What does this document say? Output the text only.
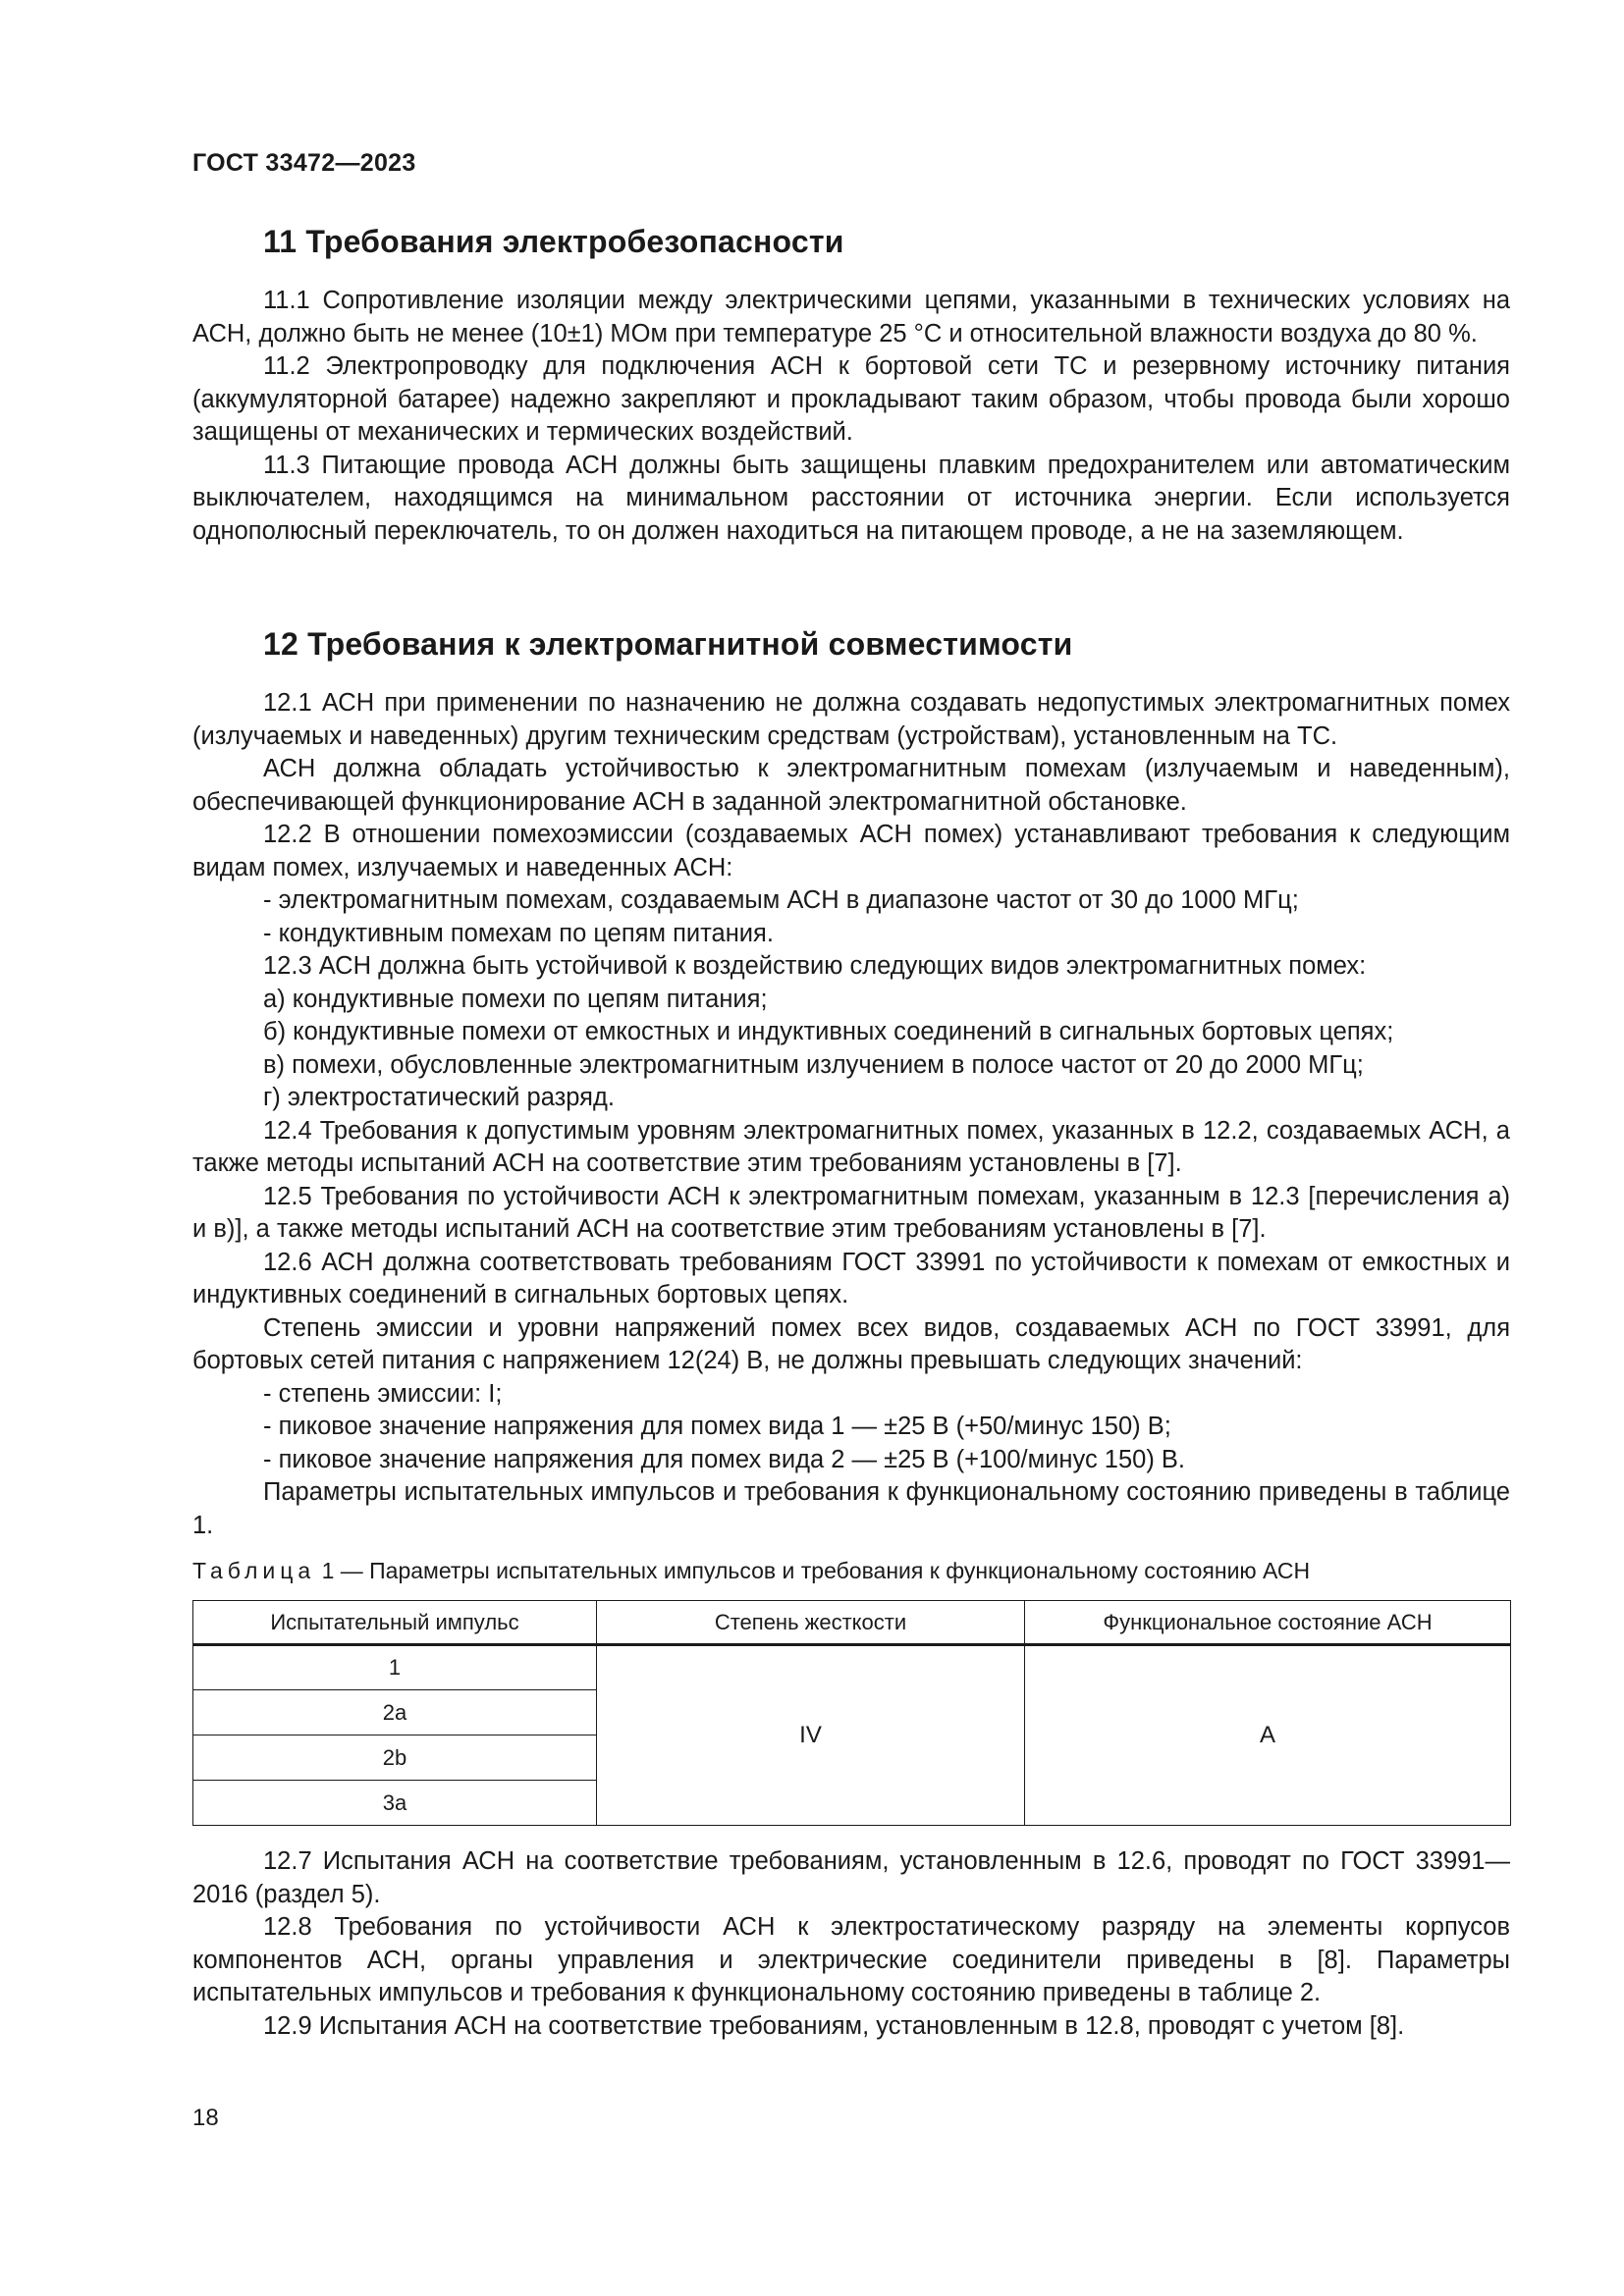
ГОСТ 33472—2023
11 Требования электробезопасности

11.1 Сопротивление изоляции между электрическими цепями, указанными в технических условиях на АСН, должно быть не менее (10±1) МОм при температуре 25 °С и относительной влажности воздуха до 80 %.

11.2 Электропроводку для подключения АСН к бортовой сети ТС и резервному источнику питания (аккумуляторной батарее) надежно закрепляют и прокладывают таким образом, чтобы провода были хорошо защищены от механических и термических воздействий.

11.3 Питающие провода АСН должны быть защищены плавким предохранителем или автоматическим выключателем, находящимся на минимальном расстоянии от источника энергии. Если используется однополюсный переключатель, то он должен находиться на питающем проводе, а не на заземляющем.

12 Требования к электромагнитной совместимости

12.1 АСН при применении по назначению не должна создавать недопустимых электромагнитных помех (излучаемых и наведенных) другим техническим средствам (устройствам), установленным на ТС.

АСН должна обладать устойчивостью к электромагнитным помехам (излучаемым и наведенным), обеспечивающей функционирование АСН в заданной электромагнитной обстановке.

12.2 В отношении помехоэмиссии (создаваемых АСН помех) устанавливают требования к следующим видам помех, излучаемых и наведенных АСН:

- электромагнитным помехам, создаваемым АСН в диапазоне частот от 30 до 1000 МГц;

- кондуктивным помехам по цепям питания.

12.3 АСН должна быть устойчивой к воздействию следующих видов электромагнитных помех:

а) кондуктивные помехи по цепям питания;

б) кондуктивные помехи от емкостных и индуктивных соединений в сигнальных бортовых цепях;

в) помехи, обусловленные электромагнитным излучением в полосе частот от 20 до 2000 МГц;

г) электростатический разряд.

12.4 Требования к допустимым уровням электромагнитных помех, указанных в 12.2, создаваемых АСН, а также методы испытаний АСН на соответствие этим требованиям установлены в [7].

12.5 Требования по устойчивости АСН к электромагнитным помехам, указанным в 12.3 [перечисления а) и в)], а также методы испытаний АСН на соответствие этим требованиям установлены в [7].

12.6 АСН должна соответствовать требованиям ГОСТ 33991 по устойчивости к помехам от емкостных и индуктивных соединений в сигнальных бортовых цепях.

Степень эмиссии и уровни напряжений помех всех видов, создаваемых АСН по ГОСТ 33991, для бортовых сетей питания с напряжением 12(24) В, не должны превышать следующих значений:

- степень эмиссии: I;

- пиковое значение напряжения для помех вида 1 — ±25 В (+50/минус 150) В;

- пиковое значение напряжения для помех вида 2 — ±25 В (+100/минус 150) В.

Параметры испытательных импульсов и требования к функциональному состоянию приведены в таблице 1.

Таблица 1 — Параметры испытательных импульсов и требования к функциональному состоянию АСН
Испытательный импульс	Степень жесткости	Функциональное состояние АСН
1	IV	A
2a		
2b		
3a		

12.7 Испытания АСН на соответствие требованиям, установленным в 12.6, проводят по ГОСТ 33991—2016 (раздел 5).

12.8 Требования по устойчивости АСН к электростатическому разряду на элементы корпусов компонентов АСН, органы управления и электрические соединители приведены в [8]. Параметры испытательных импульсов и требования к функциональному состоянию приведены в таблице 2.

12.9 Испытания АСН на соответствие требованиям, установленным в 12.8, проводят с учетом [8].

18
